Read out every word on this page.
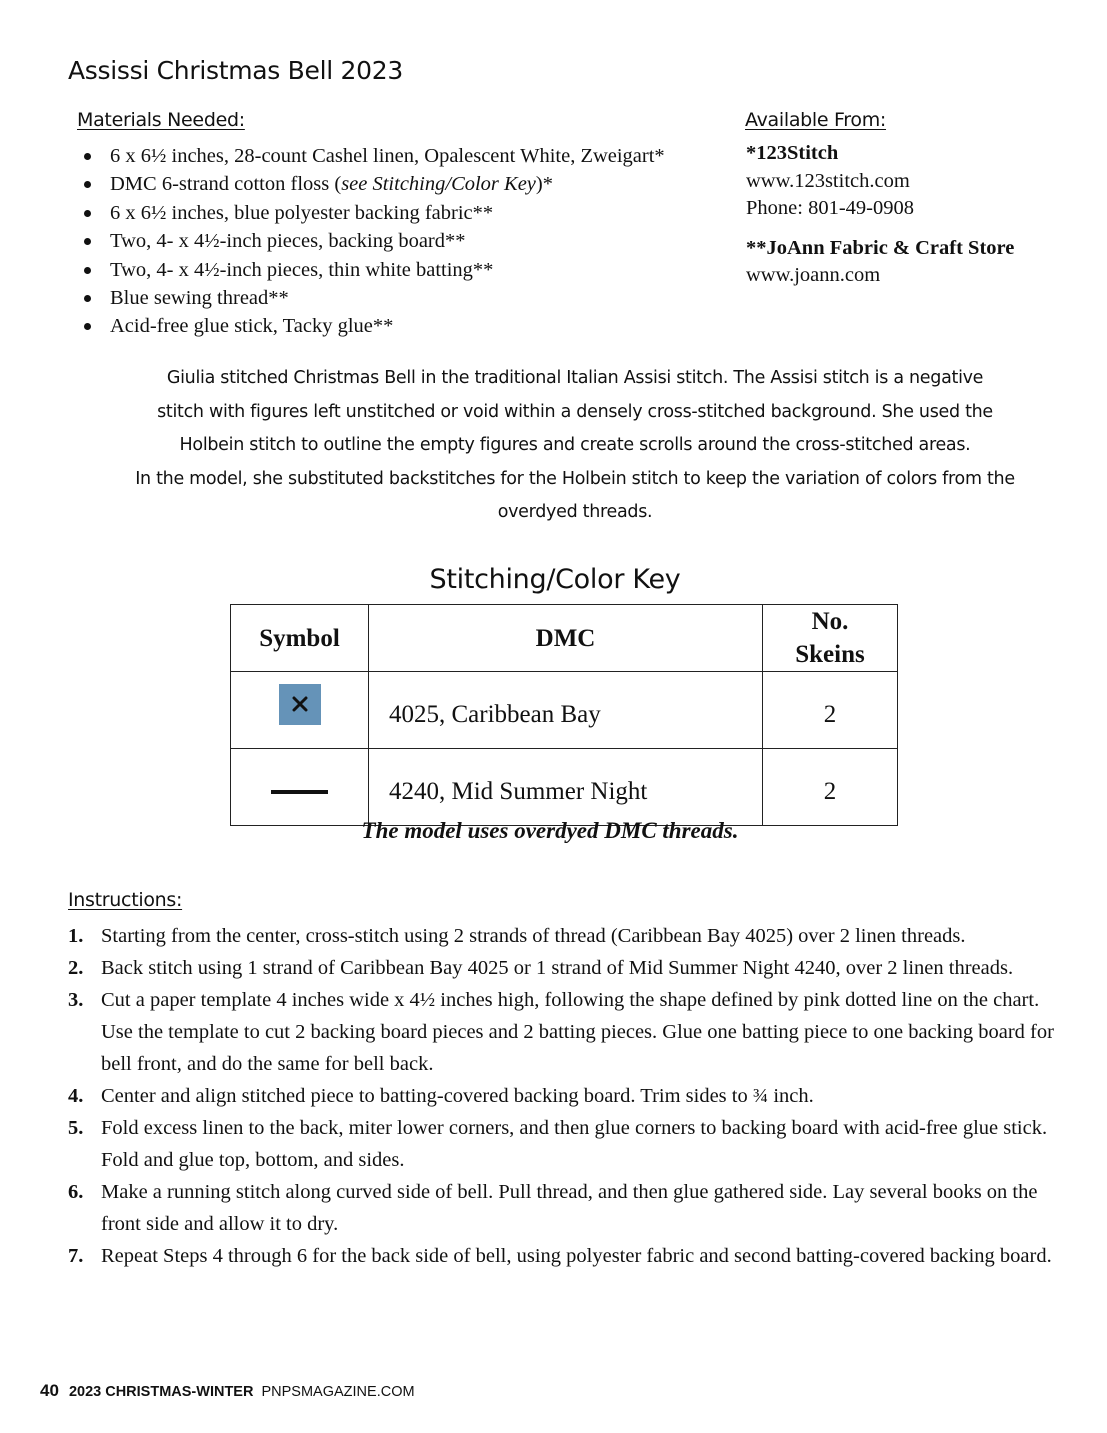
Assissi Christmas Bell 2023
Materials Needed:
6 x 6½ inches, 28-count Cashel linen, Opalescent White, Zweigart*
DMC 6-strand cotton floss (see Stitching/Color Key)*
6 x 6½ inches, blue polyester backing fabric**
Two, 4- x 4½-inch pieces, backing board**
Two, 4- x 4½-inch pieces, thin white batting**
Blue sewing thread**
Acid-free glue stick, Tacky glue**
Available From:
*123Stitch
www.123stitch.com
Phone: 801-49-0908
**JoAnn Fabric & Craft Store
www.joann.com
Giulia stitched Christmas Bell in the traditional Italian Assisi stitch. The Assisi stitch is a negative
stitch with figures left unstitched or void within a densely cross-stitched background. She used the
Holbein stitch to outline the empty figures and create scrolls around the cross-stitched areas.
In the model, she substituted backstitches for the Holbein stitch to keep the variation of colors from the
overdyed threads.
Stitching/Color Key
Symbol	DMC	No.
Skeins

	4025, Caribbean Bay	2
	4240, Mid Summer Night	2
The model uses overdyed DMC threads.
Instructions:
1. Starting from the center, cross-stitch using 2 strands of thread (Caribbean Bay 4025) over 2 linen threads.
2. Back stitch using 1 strand of Caribbean Bay 4025 or 1 strand of Mid Summer Night 4240, over 2 linen threads.
3. Cut a paper template 4 inches wide x 4½ inches high, following the shape defined by pink dotted line on the chart. Use the template to cut 2 backing board pieces and 2 batting pieces. Glue one batting piece to one backing board for bell front, and do the same for bell back.
4. Center and align stitched piece to batting-covered backing board. Trim sides to ¾ inch.
5. Fold excess linen to the back, miter lower corners, and then glue corners to backing board with acid-free glue stick. Fold and glue top, bottom, and sides.
6. Make a running stitch along curved side of bell. Pull thread, and then glue gathered side. Lay several books on the front side and allow it to dry.
7. Repeat Steps 4 through 6 for the back side of bell, using polyester fabric and second batting-covered backing board.
40 2023 CHRISTMAS-WINTER PNPSMAGAZINE.COM
